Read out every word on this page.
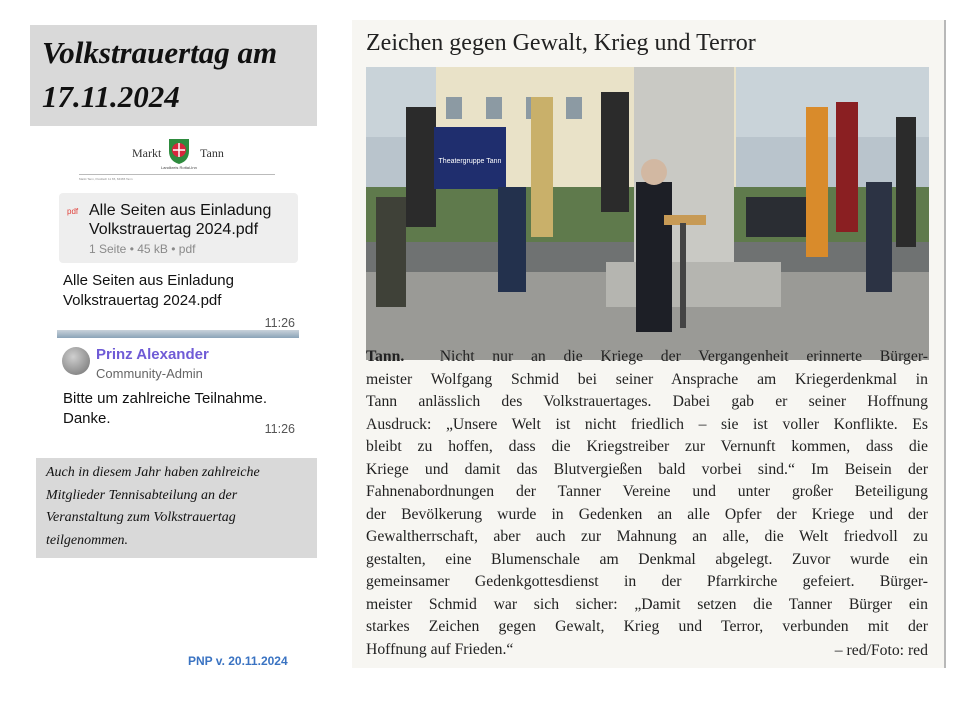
Volkstrauertag am
17.11.2024
Markt	Tann
Landkreis Rottal-Inn
Markt Tann, Postfach 11 65, 84365 Tann
pdf Alle Seiten aus Einladung Volkstrauertag 2024.pdf
1 Seite • 45 kB • pdf
Alle Seiten aus Einladung Volkstrauertag 2024.pdf
11:26
Prinz Alexander
Community-Admin
Bitte um zahlreiche Teilnahme. Danke.
11:26
Auch in diesem Jahr haben zahlreiche Mitglieder Tennisabteilung an der Veranstaltung zum Volkstrauertag teilgenommen.
PNP v. 20.11.2024
Zeichen gegen Gewalt, Krieg und Terror
Theatergruppe Tann
Tann. Nicht nur an die Kriege der Vergangenheit erinnerte Bürger-
meister Wolfgang Schmid bei seiner Ansprache am Kriegerdenkmal in
Tann anlässlich des Volkstrauertages. Dabei gab er seiner Hoffnung
Ausdruck: „Unsere Welt ist nicht friedlich – sie ist voller Konflikte. Es
bleibt zu hoffen, dass die Kriegstreiber zur Vernunft kommen, dass die
Kriege und damit das Blutvergießen bald vorbei sind.“ Im Beisein der
Fahnenabordnungen der Tanner Vereine und unter großer Beteiligung
der Bevölkerung wurde in Gedenken an alle Opfer der Kriege und der
Gewaltherrschaft, aber auch zur Mahnung an alle, die Welt friedvoll zu
gestalten, eine Blumenschale am Denkmal abgelegt. Zuvor wurde ein
gemeinsamer Gedenkgottesdienst in der Pfarrkirche gefeiert. Bürger-
meister Schmid war sich sicher: „Damit setzen die Tanner Bürger ein
starkes Zeichen gegen Gewalt, Krieg und Terror, verbunden mit der
Hoffnung auf Frieden.“	– red/Foto: red
